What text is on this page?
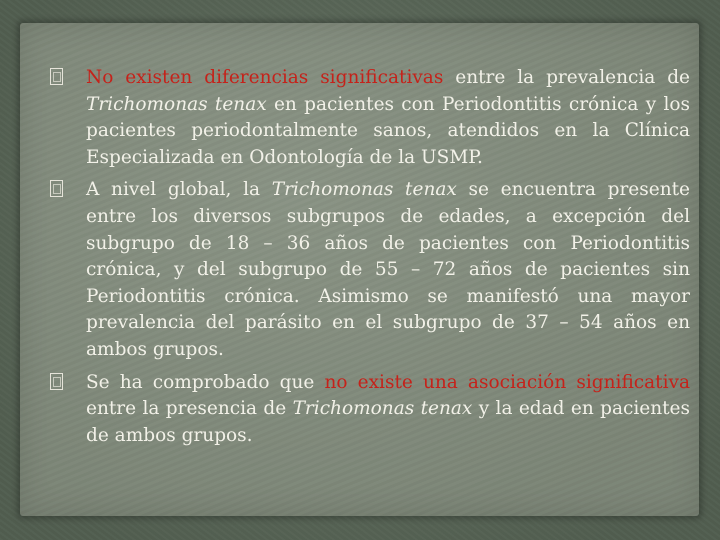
No existen diferencias significativas entre la prevalencia de Trichomonas tenax en pacientes con Periodontitis crónica y los pacientes periodontalmente sanos, atendidos en la Clínica Especializada en Odontología de la USMP.

A nivel global, la Trichomonas tenax se encuentra presente entre los diversos subgrupos de edades, a excepción del subgrupo de 18 – 36 años de pacientes con Periodontitis crónica, y del subgrupo de 55 – 72 años de pacientes sin Periodontitis crónica. Asimismo se manifestó una mayor prevalencia del parásito en el subgrupo de 37 – 54 años en ambos grupos.

Se ha comprobado que no existe una asociación significativa entre la presencia de Trichomonas tenax y la edad en pacientes de ambos grupos.
